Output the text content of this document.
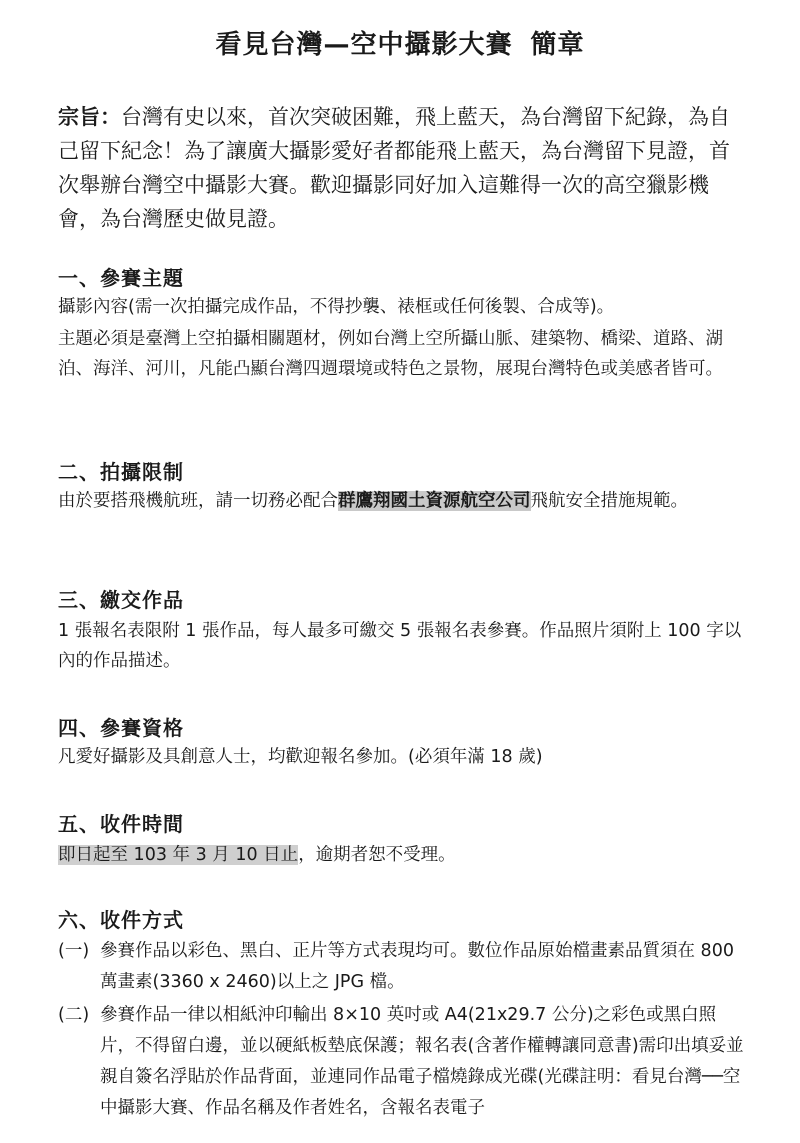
看見台灣—空中攝影大賽 簡章
宗旨：台灣有史以來，首次突破困難，飛上藍天，為台灣留下紀錄，為自己留下紀念！為了讓廣大攝影愛好者都能飛上藍天，為台灣留下見證，首次舉辦台灣空中攝影大賽。歡迎攝影同好加入這難得一次的高空獵影機會，為台灣歷史做見證。
一、參賽主題
攝影內容(需一次拍攝完成作品，不得抄襲、裱框或任何後製、合成等)。
主題必須是臺灣上空拍攝相關題材，例如台灣上空所攝山脈、建築物、橋梁、道路、湖泊、海洋、河川，凡能凸顯台灣四週環境或特色之景物，展現台灣特色或美感者皆可。
二、拍攝限制
由於要搭飛機航班，請一切務必配合群鷹翔國土資源航空公司飛航安全措施規範。
三、繳交作品
1 張報名表限附 1 張作品，每人最多可繳交 5 張報名表參賽。作品照片須附上 100 字以內的作品描述。
四、參賽資格
凡愛好攝影及具創意人士，均歡迎報名參加。(必須年滿 18 歲)
五、收件時間
即日起至 103 年 3 月 10 日止，逾期者恕不受理。
六、收件方式
(一) 參賽作品以彩色、黑白、正片等方式表現均可。數位作品原始檔畫素品質須在 800 萬畫素(3360 x 2460)以上之 JPG 檔。
(二) 參賽作品一律以相紙沖印輸出 8×10 英吋或 A4(21x29.7 公分)之彩色或黑白照片，不得留白邊，並以硬紙板墊底保護；報名表(含著作權轉讓同意書)需印出填妥並親自簽名浮貼於作品背面，並連同作品電子檔燒錄成光碟(光碟註明：看見台灣──空中攝影大賽、作品名稱及作者姓名，含報名表電子
